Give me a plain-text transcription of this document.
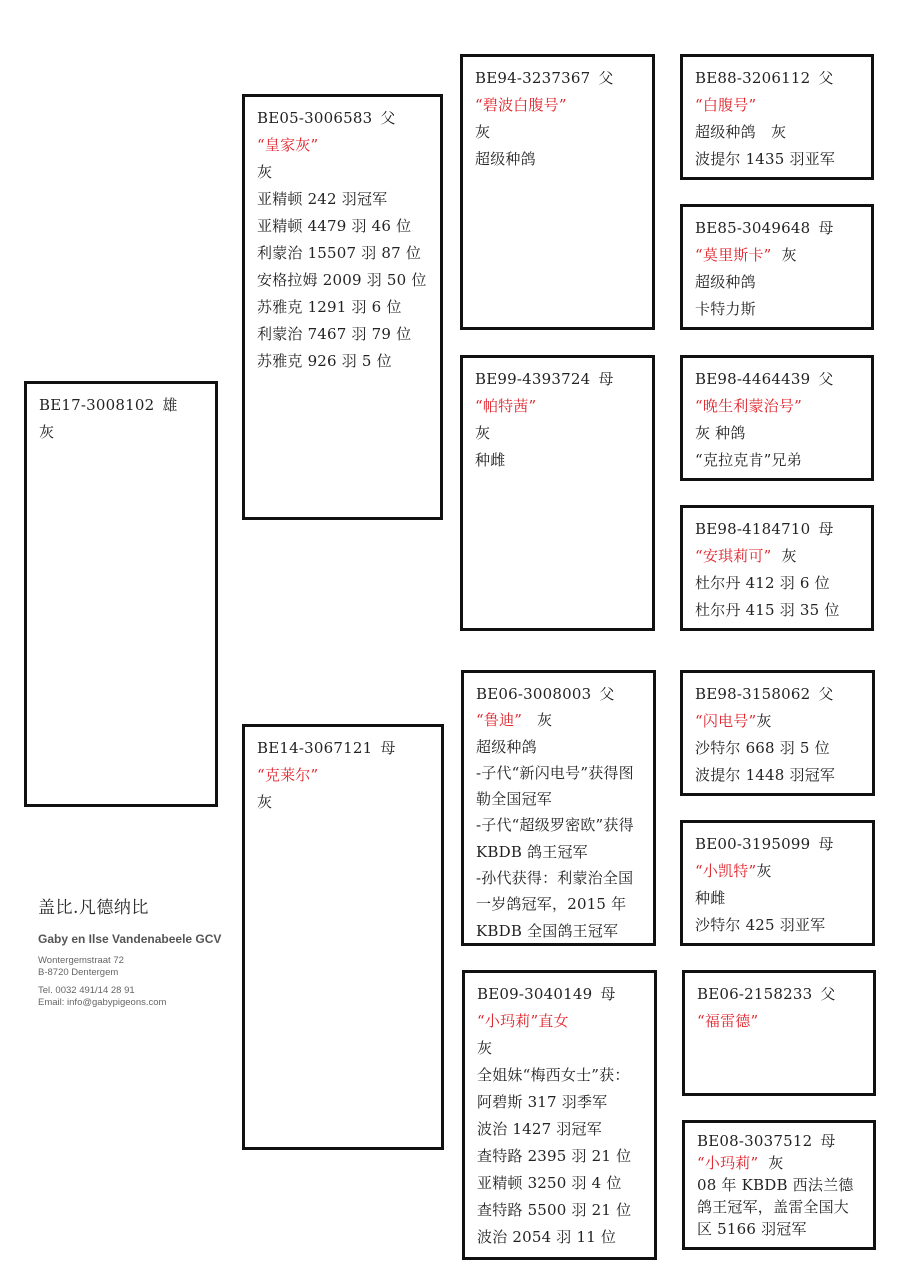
BE17-3008102 雄
灰
BE05-3006583 父
“皇家灰”
灰
亚精顿 242 羽冠军
亚精顿 4479 羽 46 位
利蒙治 15507 羽 87 位
安格拉姆 2009 羽 50 位
苏雅克 1291 羽 6 位
利蒙治 7467 羽 79 位
苏雅克 926 羽 5 位
BE14-3067121 母
“克莱尔”
灰
BE94-3237367 父
“碧波白腹号”
灰
超级种鸽
BE99-4393724 母
“帕特茜”
灰
种雌
BE06-3008003 父
“鲁迪” 灰
超级种鸽
-子代“新闪电号”获得图勒全国冠军
-子代“超级罗密欧”获得 KBDB 鸽王冠军
-孙代获得：利蒙治全国一岁鸽冠军，2015 年 KBDB 全国鸽王冠军
BE09-3040149 母
“小玛莉”直女
灰
全姐妹“梅西女士”获：
阿碧斯 317 羽季军
波治 1427 羽冠军
查特路 2395 羽 21 位
亚精顿 3250 羽 4 位
查特路 5500 羽 21 位
波治 2054 羽 11 位
BE88-3206112 父
“白腹号”
超级种鸽　灰
波提尔 1435 羽亚军
BE85-3049648 母
“莫里斯卡” 灰
超级种鸽
卡特力斯
BE98-4464439 父
“晚生利蒙治号”
灰 种鸽
“克拉克肯”兄弟
BE98-4184710 母
“安琪莉可” 灰
杜尔丹 412 羽 6 位
杜尔丹 415 羽 35 位
BE98-3158062 父
“闪电号”灰
沙特尔 668 羽 5 位
波提尔 1448 羽冠军
BE00-3195099 母
“小凯特”灰
种雌
沙特尔 425 羽亚军
BE06-2158233 父
“福雷德”
BE08-3037512 母
“小玛莉” 灰
08 年 KBDB 西法兰德鸽王冠军，盖雷全国大区 5166 羽冠军
盖比.凡德纳比
Gaby en Ilse Vandenabeele GCV
Wontergemstraat 72
B-8720 Dentergem
Tel. 0032 491/14 28 91
Email: info@gabypigeons.com
